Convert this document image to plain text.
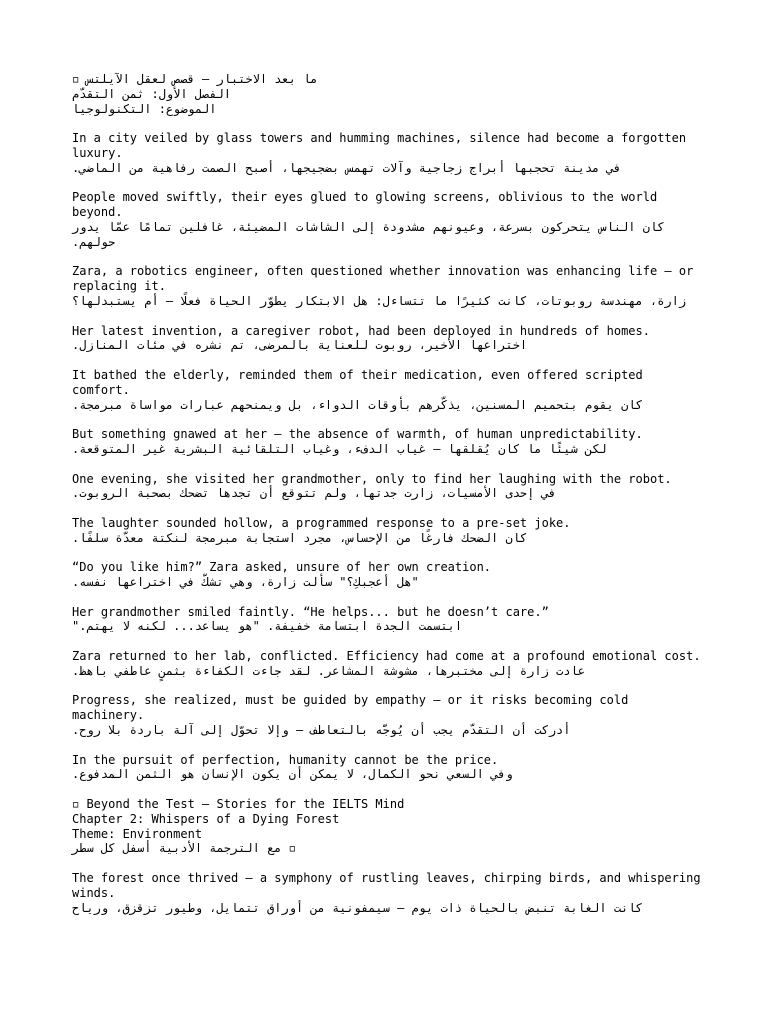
ما بعد الاختبار – قصص لعقل الآيلتس ◽

الفصل الأول: ثمن التقدّم

الموضوع: التكنولوجيا

In a city veiled by glass towers and humming machines, silence had become a forgotten luxury.

في مدينة تحجبها أبراج زجاجية وآلات تهمس بضجيجها، أصبح الصمت رفاهية من الماضي.

People moved swiftly, their eyes glued to glowing screens, oblivious to the world beyond.

كان الناس يتحركون بسرعة، وعيونهم مشدودة إلى الشاشات المضيئة، غافلين تمامًا عمّا يدور حولهم.

Zara, a robotics engineer, often questioned whether innovation was enhancing life — or replacing it.

زارة، مهندسة روبوتات، كانت كثيرًا ما تتساءل: هل الابتكار يطوّر الحياة فعلًا — أم يستبدلها؟

Her latest invention, a caregiver robot, had been deployed in hundreds of homes.

اختراعها الأخير، روبوت للعناية بالمرضى، تم نشره في مئات المنازل.

It bathed the elderly, reminded them of their medication, even offered scripted comfort.

كان يقوم بتحميم المسنين، يذكّرهم بأوقات الدواء، بل ويمنحهم عبارات مواساة مبرمجة.

But something gnawed at her — the absence of warmth, of human unpredictability.

لكن شيئًا ما كان يُقلقها — غياب الدفء، وغياب التلقائية البشرية غير المتوقعة.

One evening, she visited her grandmother, only to find her laughing with the robot.

في إحدى الأمسيات، زارت جدتها، ولم تتوقع أن تجدها تضحك بصحبة الروبوت.

The laughter sounded hollow, a programmed response to a pre-set joke.

كان الضحك فارغًا من الإحساس، مجرد استجابة مبرمجة لنكتة معدّة سلفًا.

“Do you like him?” Zara asked, unsure of her own creation.

"هل أعجبكِ؟" سألت زارة، وهي تشكّ في اختراعها نفسه.

Her grandmother smiled faintly. “He helps... but he doesn’t care.”

ابتسمت الجدة ابتسامة خفيفة. "هو يساعد... لكنه لا يهتم."

Zara returned to her lab, conflicted. Efficiency had come at a profound emotional cost.

عادت زارة إلى مختبرها، مشوشة المشاعر. لقد جاءت الكفاءة بثمنٍ عاطفي باهظ.

Progress, she realized, must be guided by empathy — or it risks becoming cold machinery.

أدركت أن التقدّم يجب أن يُوجَّه بالتعاطف — وإلا تحوّل إلى آلة باردة بلا روح.

In the pursuit of perfection, humanity cannot be the price.

وفي السعي نحو الكمال، لا يمكن أن يكون الإنسان هو الثمن المدفوع.

◽ Beyond the Test – Stories for the IELTS Mind

Chapter 2: Whispers of a Dying Forest

Theme: Environment

◽ مع الترجمة الأدبية أسفل كل سطر

The forest once thrived — a symphony of rustling leaves, chirping birds, and whispering winds.

كانت الغابة تنبض بالحياة ذات يوم — سيمفونية من أوراق تتمايل، وطيور تزقزق، ورياح
